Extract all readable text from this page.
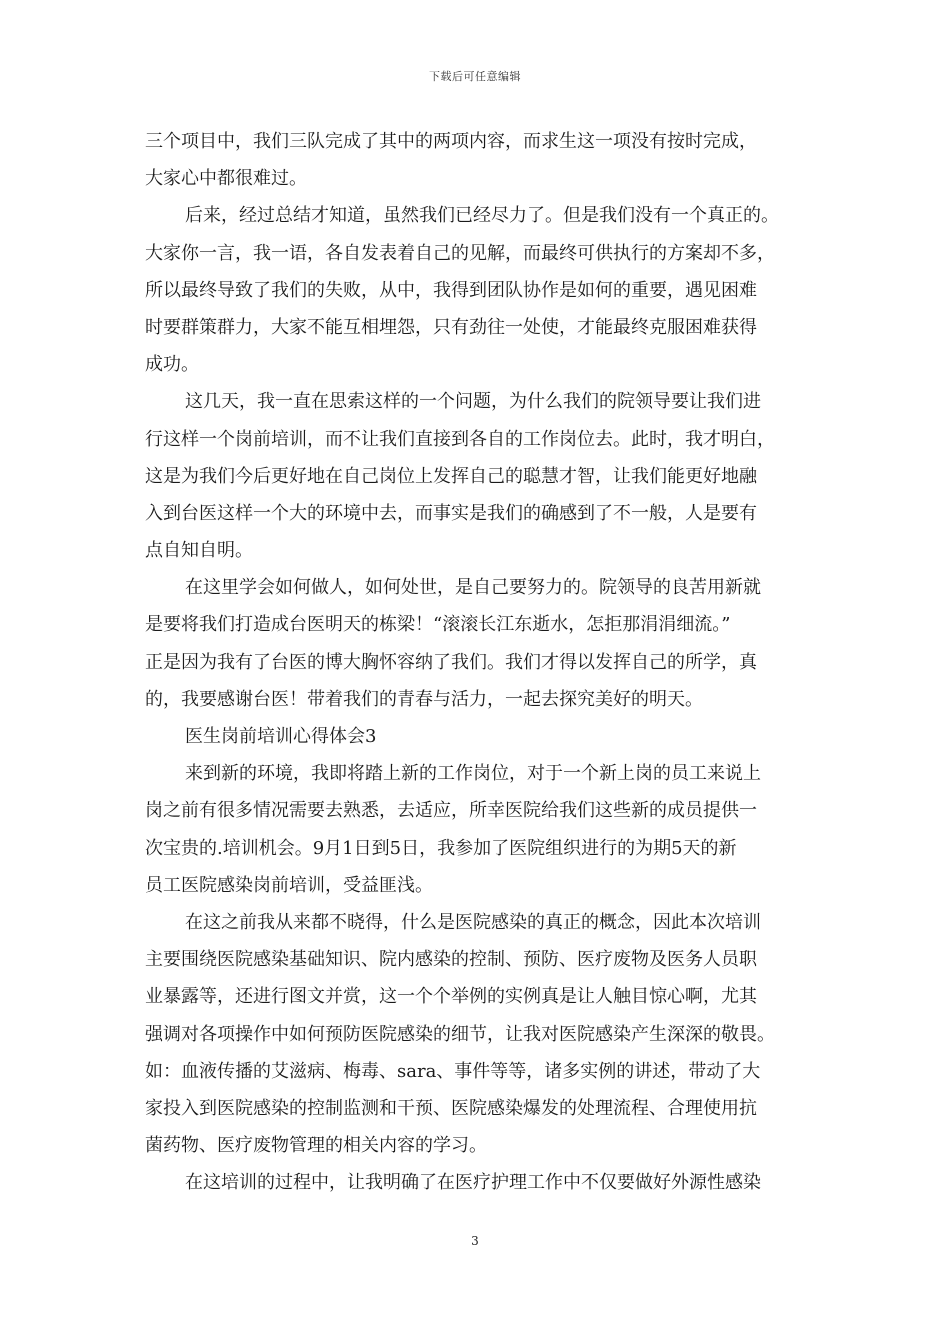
下载后可任意编辑
三个项目中，我们三队完成了其中的两项内容，而求生这一项没有按时完成，
大家心中都很难过。
后来，经过总结才知道，虽然我们已经尽力了。但是我们没有一个真正的。
大家你一言，我一语，各自发表着自己的见解，而最终可供执行的方案却不多，
所以最终导致了我们的失败，从中，我得到团队协作是如何的重要，遇见困难
时要群策群力，大家不能互相埋怨，只有劲往一处使，才能最终克服困难获得
成功。
这几天，我一直在思索这样的一个问题，为什么我们的院领导要让我们进
行这样一个岗前培训，而不让我们直接到各自的工作岗位去。此时，我才明白，
这是为我们今后更好地在自己岗位上发挥自己的聪慧才智，让我们能更好地融
入到台医这样一个大的环境中去，而事实是我们的确感到了不一般，人是要有
点自知自明。
在这里学会如何做人，如何处世，是自己要努力的。院领导的良苦用新就
是要将我们打造成台医明天的栋梁！“滚滚长江东逝水，怎拒那涓涓细流。”
正是因为我有了台医的博大胸怀容纳了我们。我们才得以发挥自己的所学，真
的，我要感谢台医！带着我们的青春与活力，一起去探究美好的明天。
医生岗前培训心得体会3
来到新的环境，我即将踏上新的工作岗位，对于一个新上岗的员工来说上
岗之前有很多情况需要去熟悉，去适应，所幸医院给我们这些新的成员提供一
次宝贵的.培训机会。9月1日到5日，我参加了医院组织进行的为期5天的新
员工医院感染岗前培训，受益匪浅。
在这之前我从来都不晓得，什么是医院感染的真正的概念，因此本次培训
主要围绕医院感染基础知识、院内感染的控制、预防、医疗废物及医务人员职
业暴露等，还进行图文并赏，这一个个举例的实例真是让人触目惊心啊，尤其
强调对各项操作中如何预防医院感染的细节，让我对医院感染产生深深的敬畏。
如：血液传播的艾滋病、梅毒、sara、事件等等，诸多实例的讲述，带动了大
家投入到医院感染的控制监测和干预、医院感染爆发的处理流程、合理使用抗
菌药物、医疗废物管理的相关内容的学习。
在这培训的过程中，让我明确了在医疗护理工作中不仅要做好外源性感染
3
